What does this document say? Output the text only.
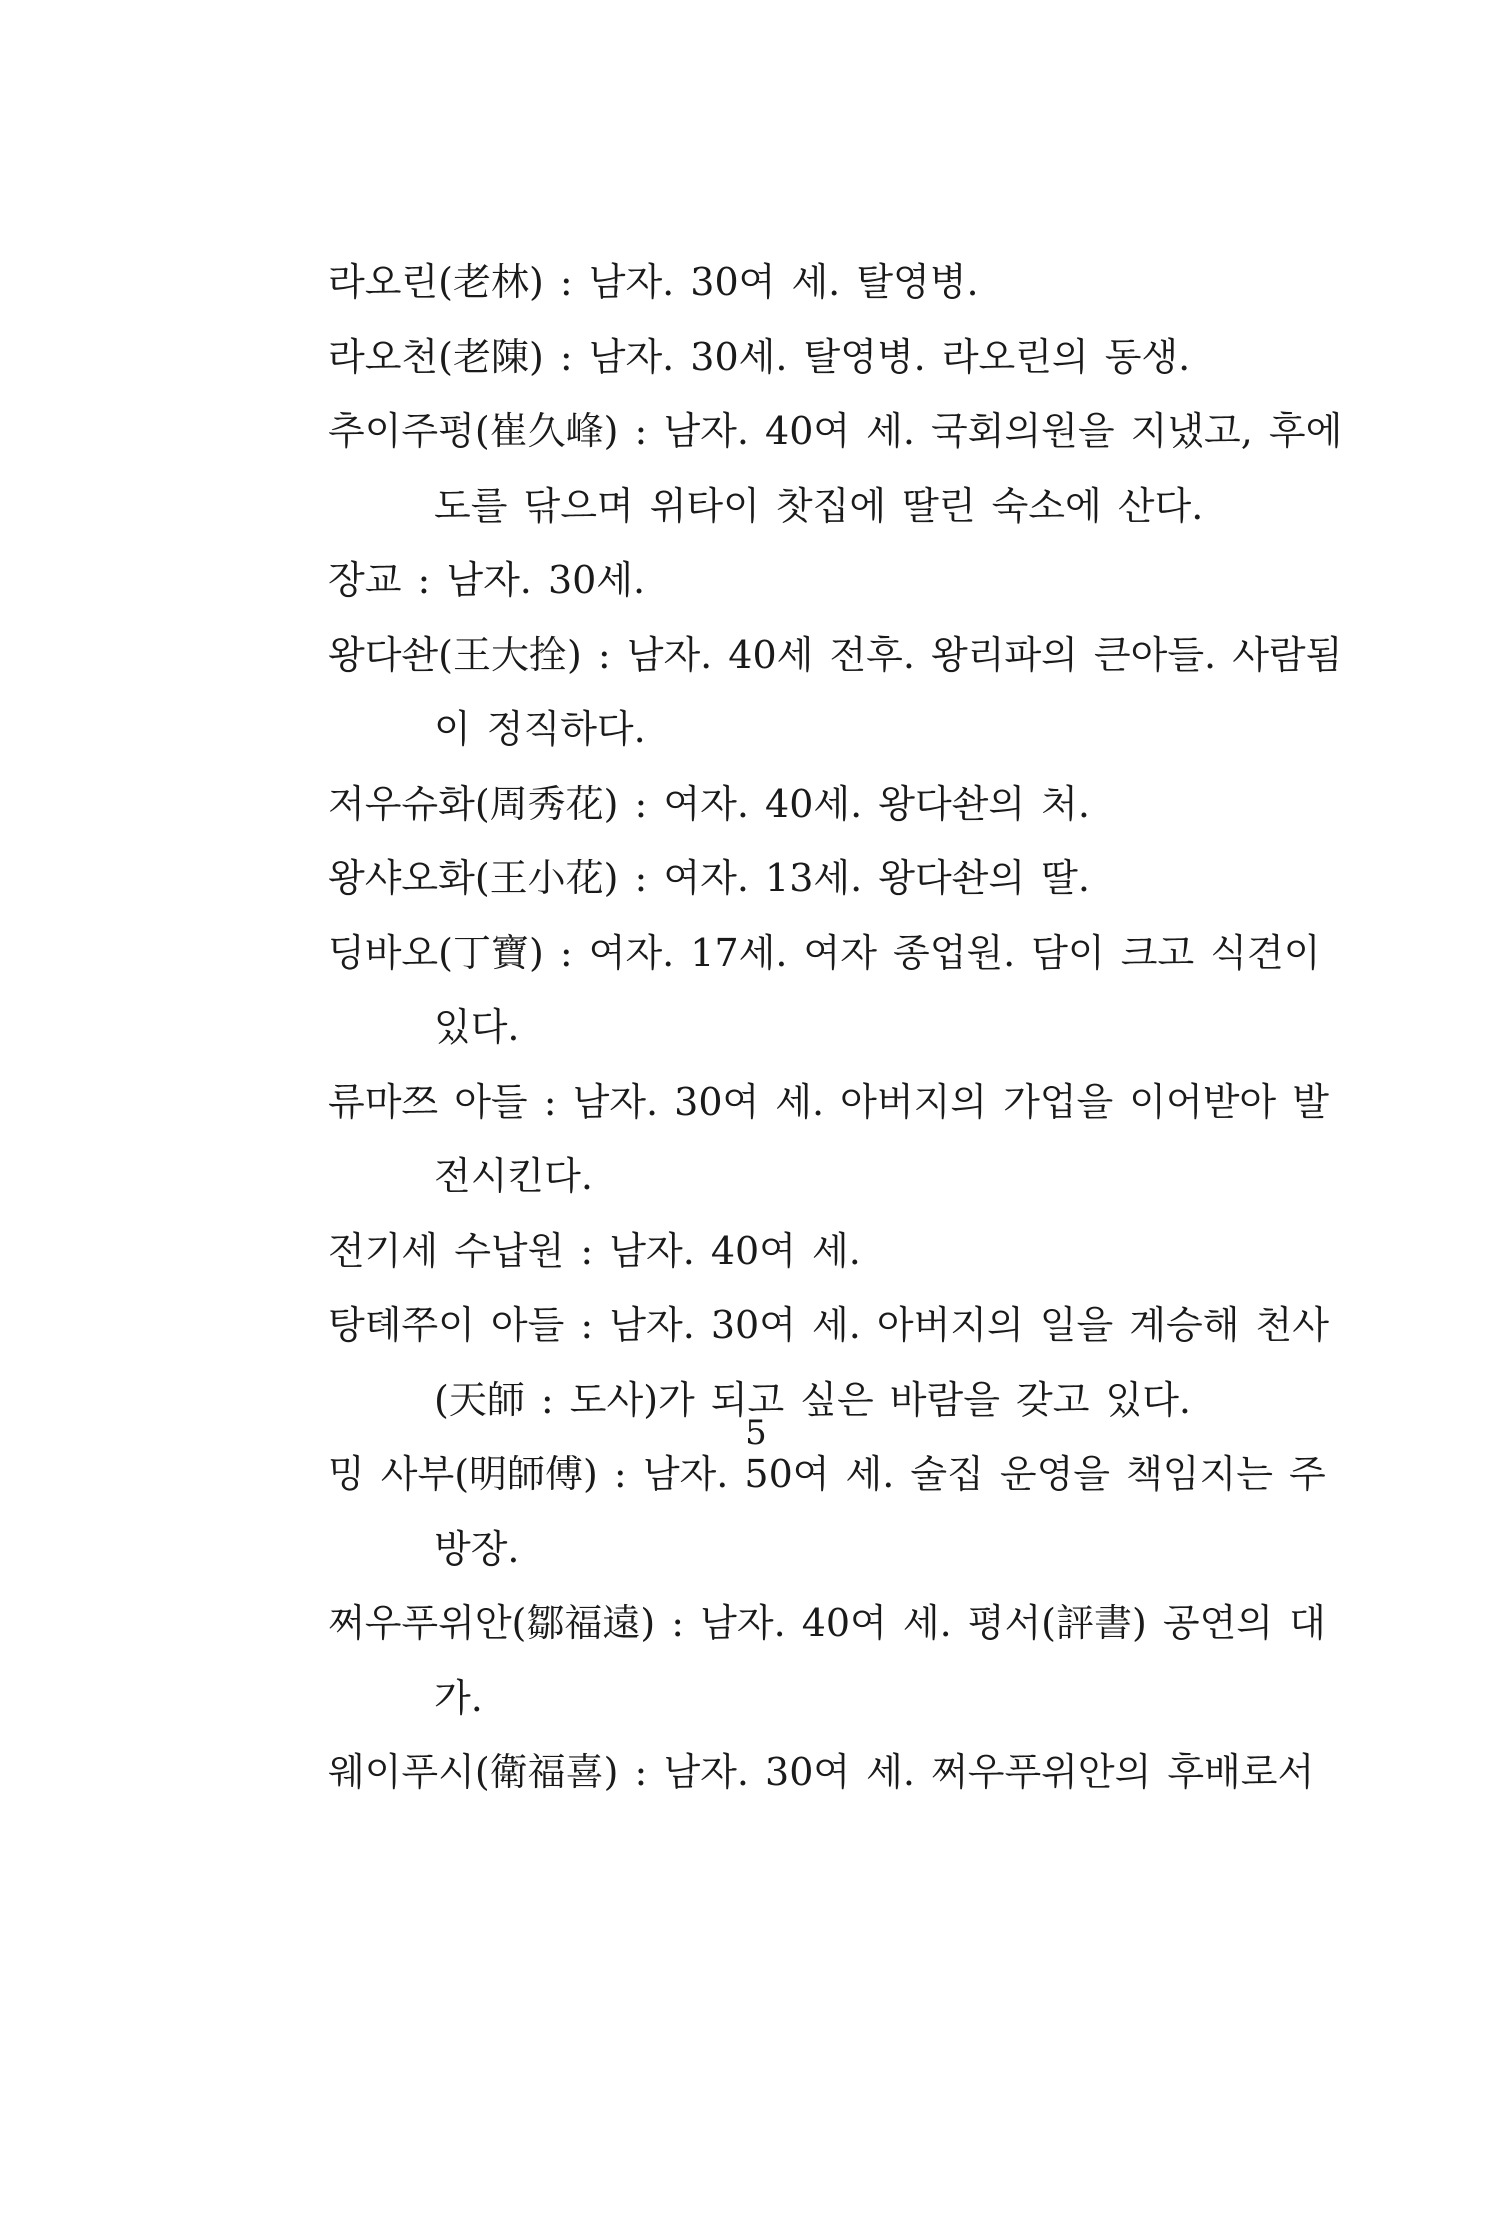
라오린(老林) : 남자. 30여 세. 탈영병.
라오천(老陳) : 남자. 30세. 탈영병. 라오린의 동생.
추이주펑(崔久峰) : 남자. 40여 세. 국회의원을 지냈고, 후에
도를 닦으며 위타이 찻집에 딸린 숙소에 산다.
장교 : 남자. 30세.
왕다솬(王大拴) : 남자. 40세 전후. 왕리파의 큰아들. 사람됨
이 정직하다.
저우슈화(周秀花) : 여자. 40세. 왕다솬의 처.
왕샤오화(王小花) : 여자. 13세. 왕다솬의 딸.
딩바오(丁寶) : 여자. 17세. 여자 종업원. 담이 크고 식견이
있다.
류마쯔 아들 : 남자. 30여 세. 아버지의 가업을 이어받아 발
전시킨다.
전기세 수납원 : 남자. 40여 세.
탕톄쭈이 아들 : 남자. 30여 세. 아버지의 일을 계승해 천사
(天師 : 도사)가 되고 싶은 바람을 갖고 있다.
밍 사부(明師傅) : 남자. 50여 세. 술집 운영을 책임지는 주
방장.
쩌우푸위안(鄒福遠) : 남자. 40여 세. 평서(評書) 공연의 대
가.
웨이푸시(衛福喜) : 남자. 30여 세. 쩌우푸위안의 후배로서
5
